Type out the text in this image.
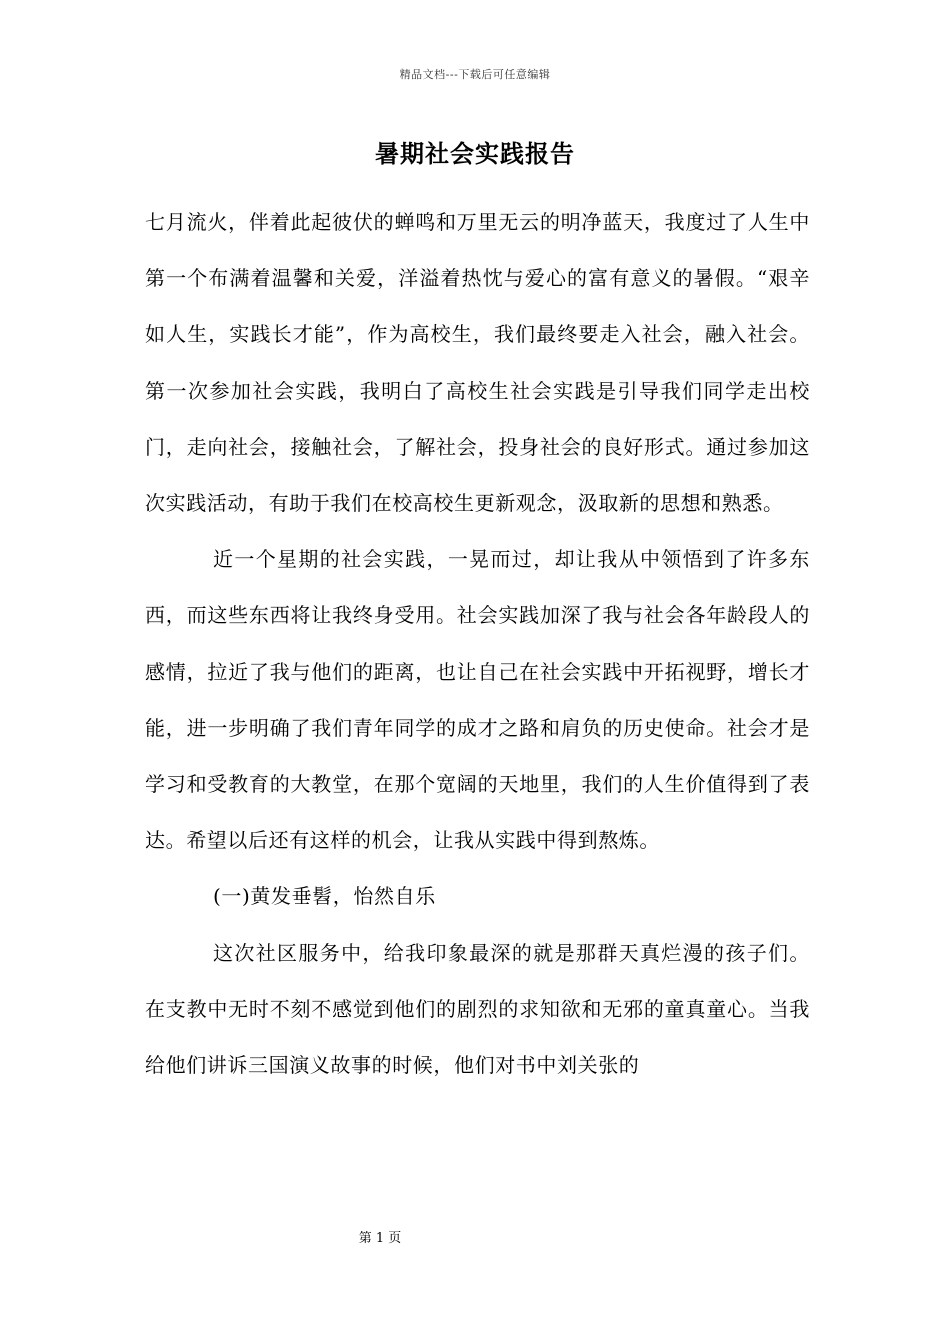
精品文档---下载后可任意编辑
暑期社会实践报告

七月流火，伴着此起彼伏的蝉鸣和万里无云的明净蓝天，我度过了人生中第一个布满着温馨和关爱，洋溢着热忱与爱心的富有意义的暑假。“艰辛如人生，实践长才能”，作为高校生，我们最终要走入社会，融入社会。第一次参加社会实践，我明白了高校生社会实践是引导我们同学走出校门，走向社会，接触社会，了解社会，投身社会的良好形式。通过参加这次实践活动，有助于我们在校高校生更新观念，汲取新的思想和熟悉。

近一个星期的社会实践，一晃而过，却让我从中领悟到了许多东西，而这些东西将让我终身受用。社会实践加深了我与社会各年龄段人的感情，拉近了我与他们的距离，也让自己在社会实践中开拓视野，增长才能，进一步明确了我们青年同学的成才之路和肩负的历史使命。社会才是学习和受教育的大教堂，在那个宽阔的天地里，我们的人生价值得到了表达。希望以后还有这样的机会，让我从实践中得到熬炼。

(一)黄发垂髫，怡然自乐

这次社区服务中，给我印象最深的就是那群天真烂漫的孩子们。在支教中无时不刻不感觉到他们的剧烈的求知欲和无邪的童真童心。当我给他们讲诉三国演义故事的时候，他们对书中刘关张的

第 1 页
